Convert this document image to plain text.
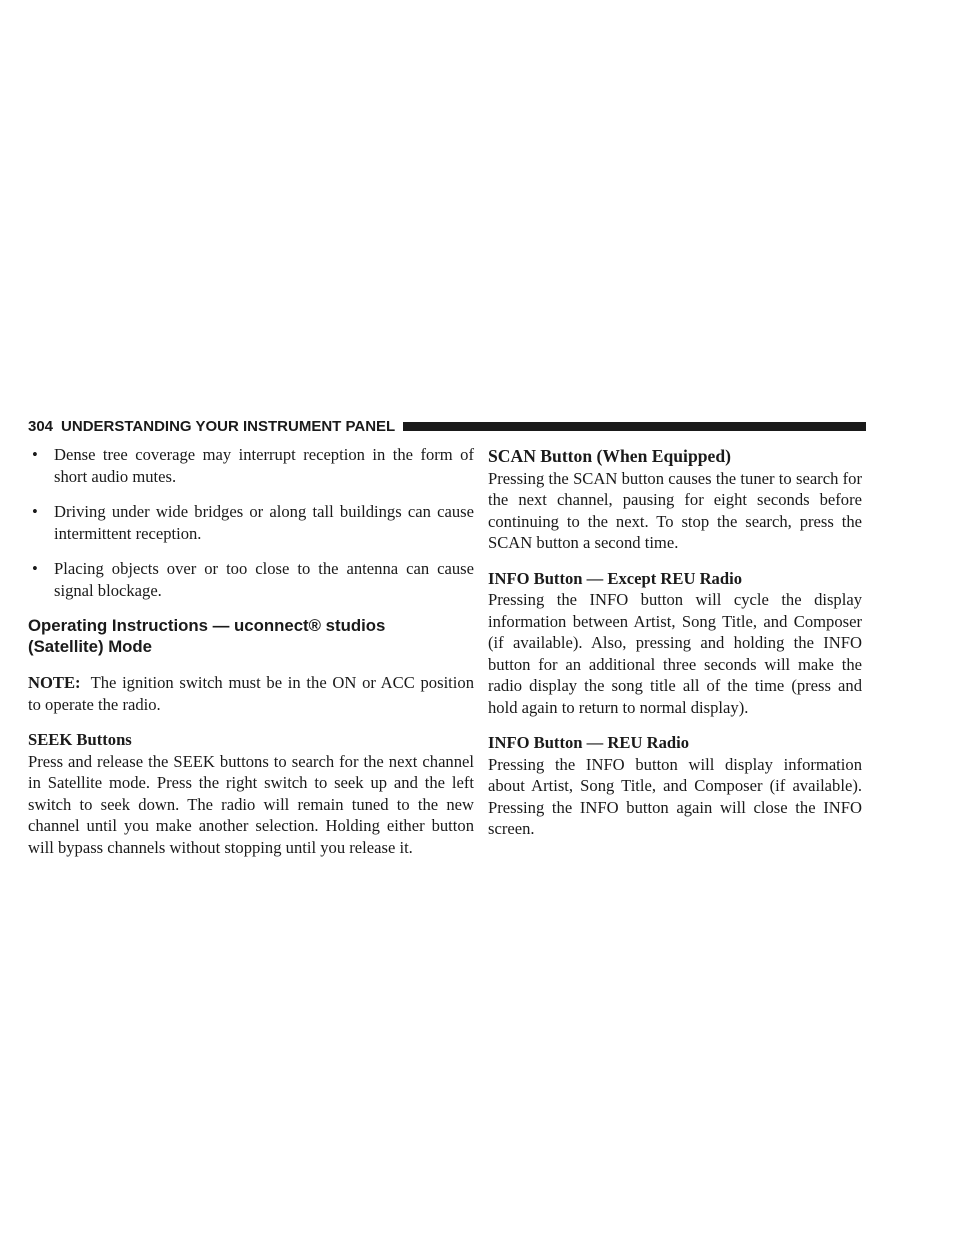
304 UNDERSTANDING YOUR INSTRUMENT PANEL
• Dense tree coverage may interrupt reception in the form of short audio mutes.
• Driving under wide bridges or along tall buildings can cause intermittent reception.
• Placing objects over or too close to the antenna can cause signal blockage.
Operating Instructions — uconnect® studios
(Satellite) Mode

NOTE: The ignition switch must be in the ON or ACC position to operate the radio.

SEEK Buttons

Press and release the SEEK buttons to search for the next channel in Satellite mode. Press the right switch to seek up and the left switch to seek down. The radio will remain tuned to the new channel until you make another selection. Holding either button will bypass channels without stopping until you release it.

SCAN Button (When Equipped)

Pressing the SCAN button causes the tuner to search for the next channel, pausing for eight seconds before continuing to the next. To stop the search, press the SCAN button a second time.

INFO Button — Except REU Radio

Pressing the INFO button will cycle the display information between Artist, Song Title, and Composer (if available). Also, pressing and holding the INFO button for an additional three seconds will make the radio display the song title all of the time (press and hold again to return to normal display).

INFO Button — REU Radio

Pressing the INFO button will display information about Artist, Song Title, and Composer (if available). Pressing the INFO button again will close the INFO screen.
